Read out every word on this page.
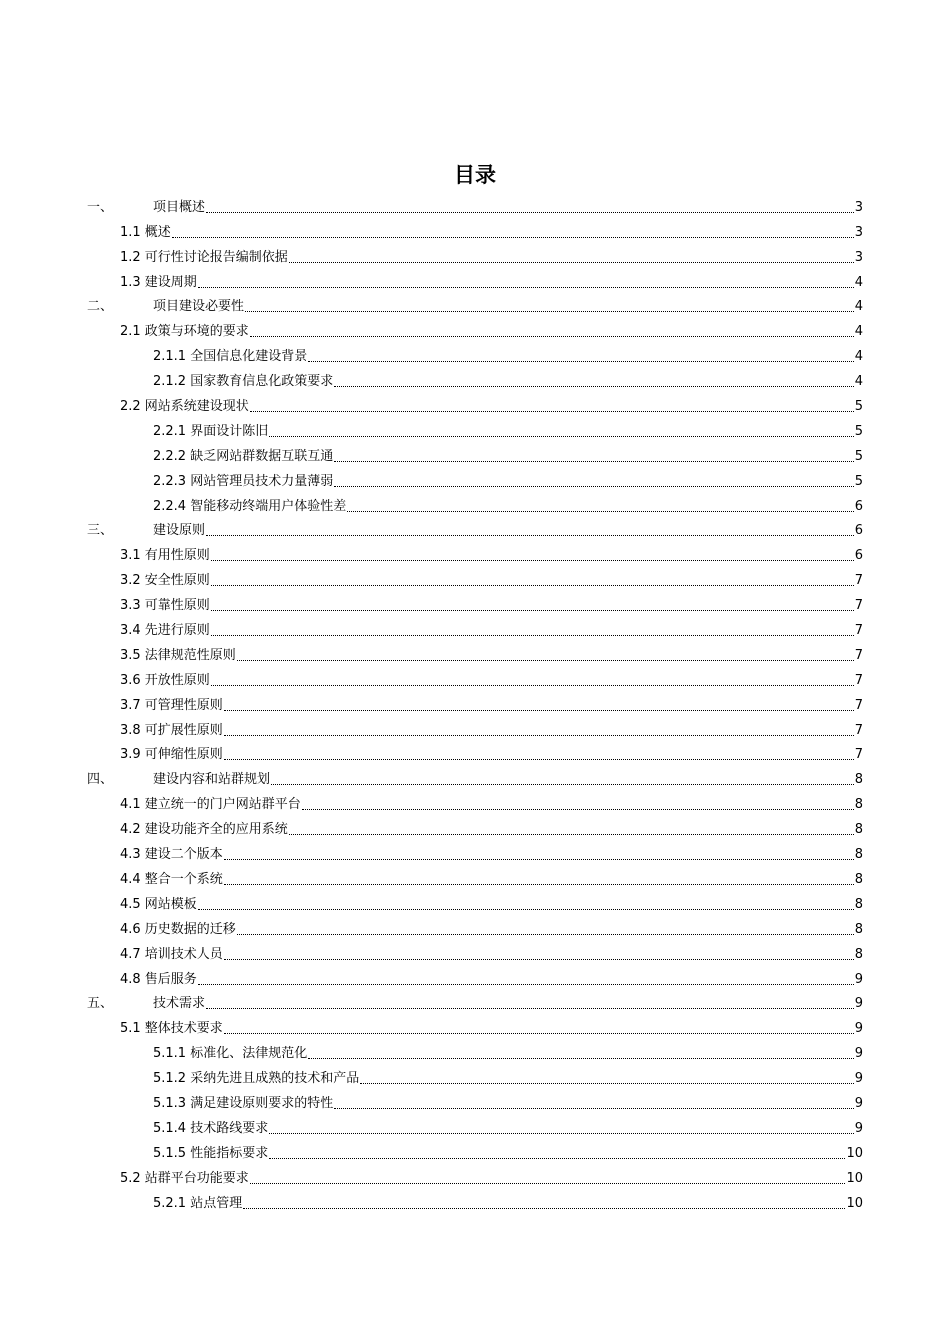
目录
一、	项目概述	3
1.1 概述	3
1.2 可行性讨论报告编制依据	3
1.3 建设周期	4
二、	项目建设必要性	4
2.1 政策与环境的要求	4
2.1.1 全国信息化建设背景	4
2.1.2 国家教育信息化政策要求	4
2.2 网站系统建设现状	5
2.2.1 界面设计陈旧	5
2.2.2 缺乏网站群数据互联互通	5
2.2.3 网站管理员技术力量薄弱	5
2.2.4 智能移动终端用户体验性差	6
三、	建设原则	6
3.1 有用性原则	6
3.2 安全性原则	7
3.3 可靠性原则	7
3.4 先进行原则	7
3.5 法律规范性原则	7
3.6 开放性原则	7
3.7 可管理性原则	7
3.8 可扩展性原则	7
3.9 可伸缩性原则	7
四、	建设内容和站群规划	8
4.1 建立统一的门户网站群平台	8
4.2 建设功能齐全的应用系统	8
4.3 建设二个版本	8
4.4 整合一个系统	8
4.5 网站模板	8
4.6 历史数据的迁移	8
4.7 培训技术人员	8
4.8 售后服务	9
五、	技术需求	9
5.1 整体技术要求	9
5.1.1 标准化、法律规范化	9
5.1.2 采纳先进且成熟的技术和产品	9
5.1.3 满足建设原则要求的特性	9
5.1.4 技术路线要求	9
5.1.5 性能指标要求	10
5.2 站群平台功能要求	10
5.2.1 站点管理	10
